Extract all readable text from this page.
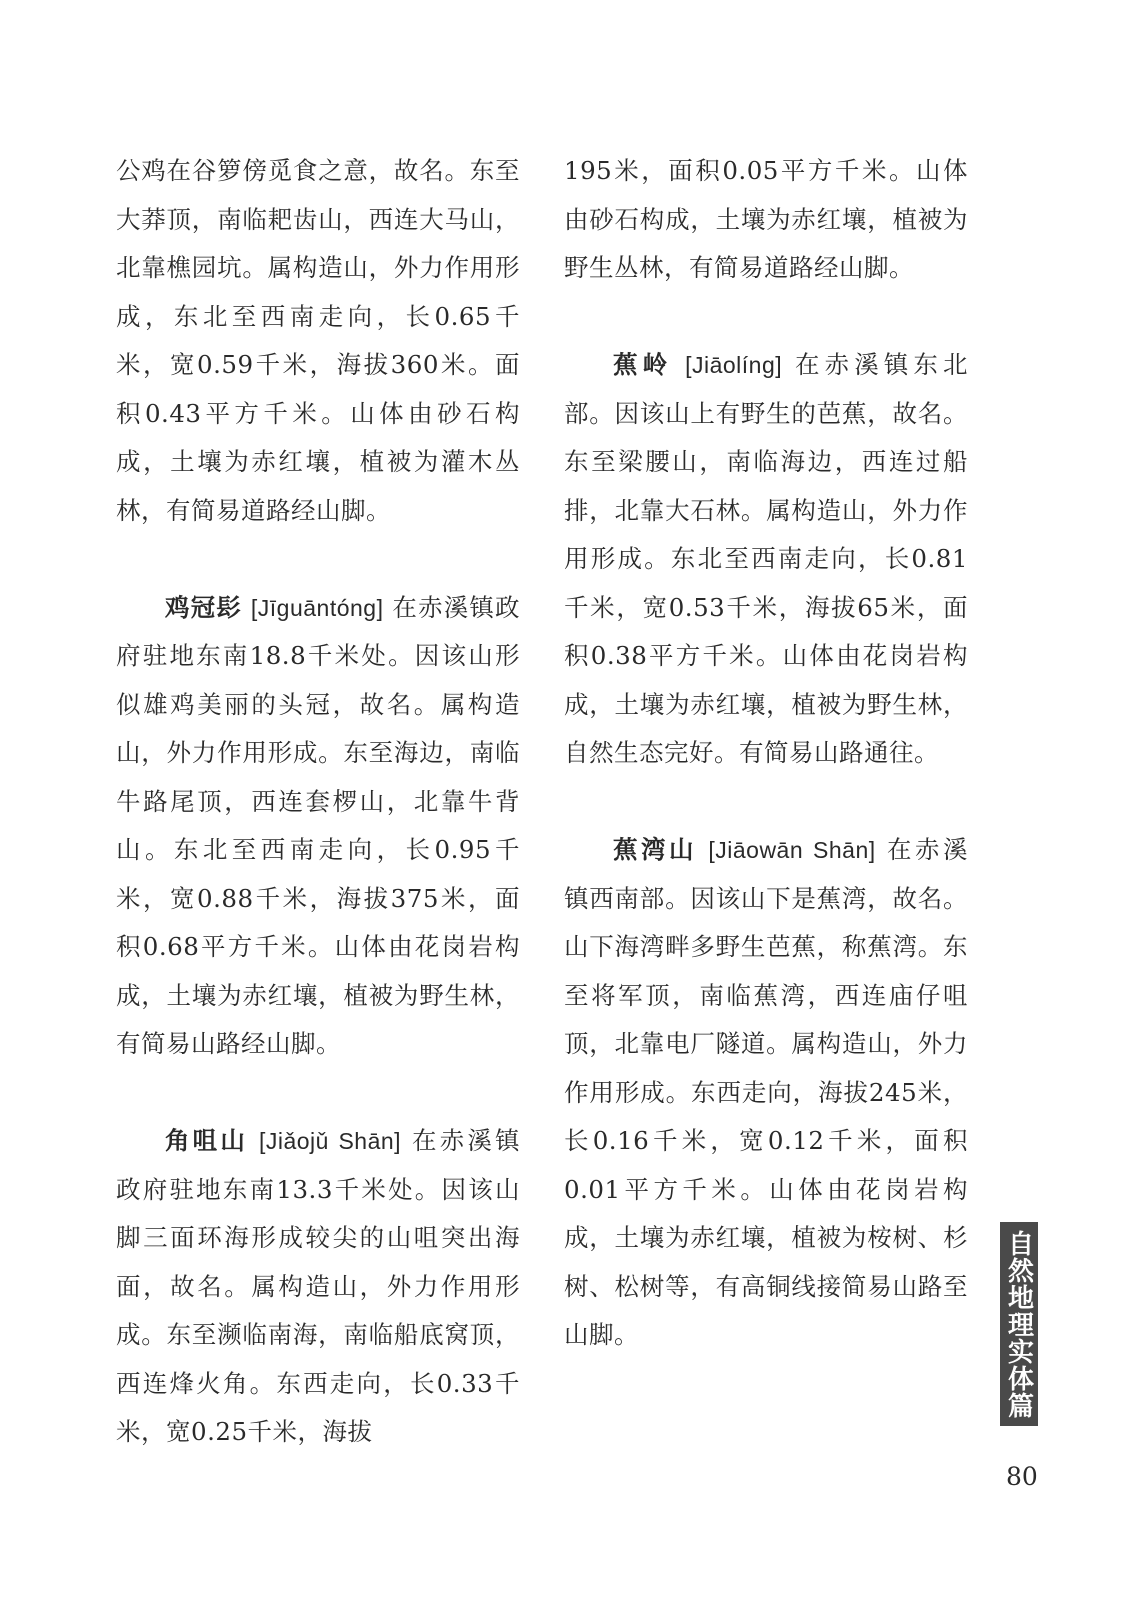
公鸡在谷箩傍觅食之意，故名。东至大莽顶，南临耙齿山，西连大马山，北靠樵园坑。属构造山，外力作用形成，东北至西南走向，长0.65千米，宽0.59千米，海拔360米。面积0.43平方千米。山体由砂石构成，土壤为赤红壤，植被为灌木丛林，有简易道路经山脚。

鸡冠髟 [Jīguāntóng] 在赤溪镇政府驻地东南18.8千米处。因该山形似雄鸡美丽的头冠，故名。属构造山，外力作用形成。东至海边，南临牛路尾顶，西连套椤山，北靠牛背山。东北至西南走向，长0.95千米，宽0.88千米，海拔375米，面积0.68平方千米。山体由花岗岩构成，土壤为赤红壤，植被为野生林，有简易山路经山脚。

角咀山 [Jiǎojǔ Shān] 在赤溪镇政府驻地东南13.3千米处。因该山脚三面环海形成较尖的山咀突出海面，故名。属构造山，外力作用形成。东至濒临南海，南临船底窝顶，西连烽火角。东西走向，长0.33千米，宽0.25千米，海拔

195米，面积0.05平方千米。山体由砂石构成，土壤为赤红壤，植被为野生丛林，有简易道路经山脚。

蕉岭 [Jiāolíng] 在赤溪镇东北部。因该山上有野生的芭蕉，故名。东至梁腰山，南临海边，西连过船排，北靠大石林。属构造山，外力作用形成。东北至西南走向，长0.81千米，宽0.53千米，海拔65米，面积0.38平方千米。山体由花岗岩构成，土壤为赤红壤，植被为野生林，自然生态完好。有简易山路通往。

蕉湾山 [Jiāowān Shān] 在赤溪镇西南部。因该山下是蕉湾，故名。山下海湾畔多野生芭蕉，称蕉湾。东至将军顶，南临蕉湾，西连庙仔咀顶，北靠电厂隧道。属构造山，外力作用形成。东西走向，海拔245米，长0.16千米，宽0.12千米，面积0.01平方千米。山体由花岗岩构成，土壤为赤红壤，植被为桉树、杉树、松树等，有高铜线接简易山路至山脚。	自然地理实体篇
80
